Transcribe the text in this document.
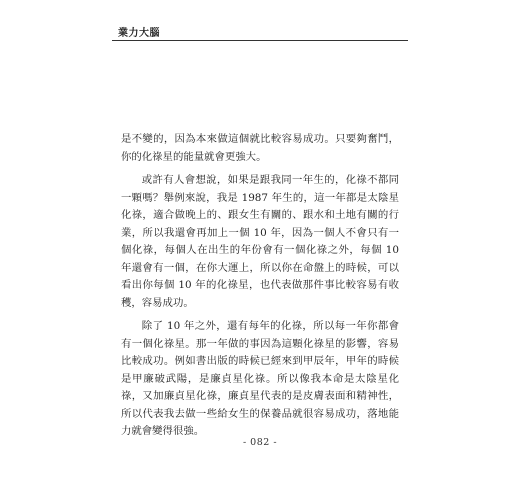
業力大腦

是不變的，因為本來做這個就比較容易成功。只要夠奮鬥，你的化祿星的能量就會更強大。

或許有人會想說，如果是跟我同一年生的，化祿不都同一顆嗎？舉例來說，我是 1987 年生的，這一年都是太陰星化祿，適合做晚上的、跟女生有關的、跟水和土地有關的行業，所以我還會再加上一個 10 年，因為一個人不會只有一個化祿，每個人在出生的年份會有一個化祿之外，每個 10 年還會有一個，在你大運上，所以你在命盤上的時候，可以看出你每個 10 年的化祿星，也代表做那件事比較容易有收穫，容易成功。

除了 10 年之外，還有每年的化祿，所以每一年你都會有一個化祿星。那一年做的事因為這顆化祿星的影響，容易比較成功。例如書出版的時候已經來到甲辰年，甲年的時候是甲廉破武陽，是廉貞星化祿。所以像我本命是太陰星化祿，又加廉貞星化祿，廉貞星代表的是皮膚表面和精神性，所以代表我去做一些給女生的保養品就很容易成功，落地能力就會變得很強。

- 082 -
